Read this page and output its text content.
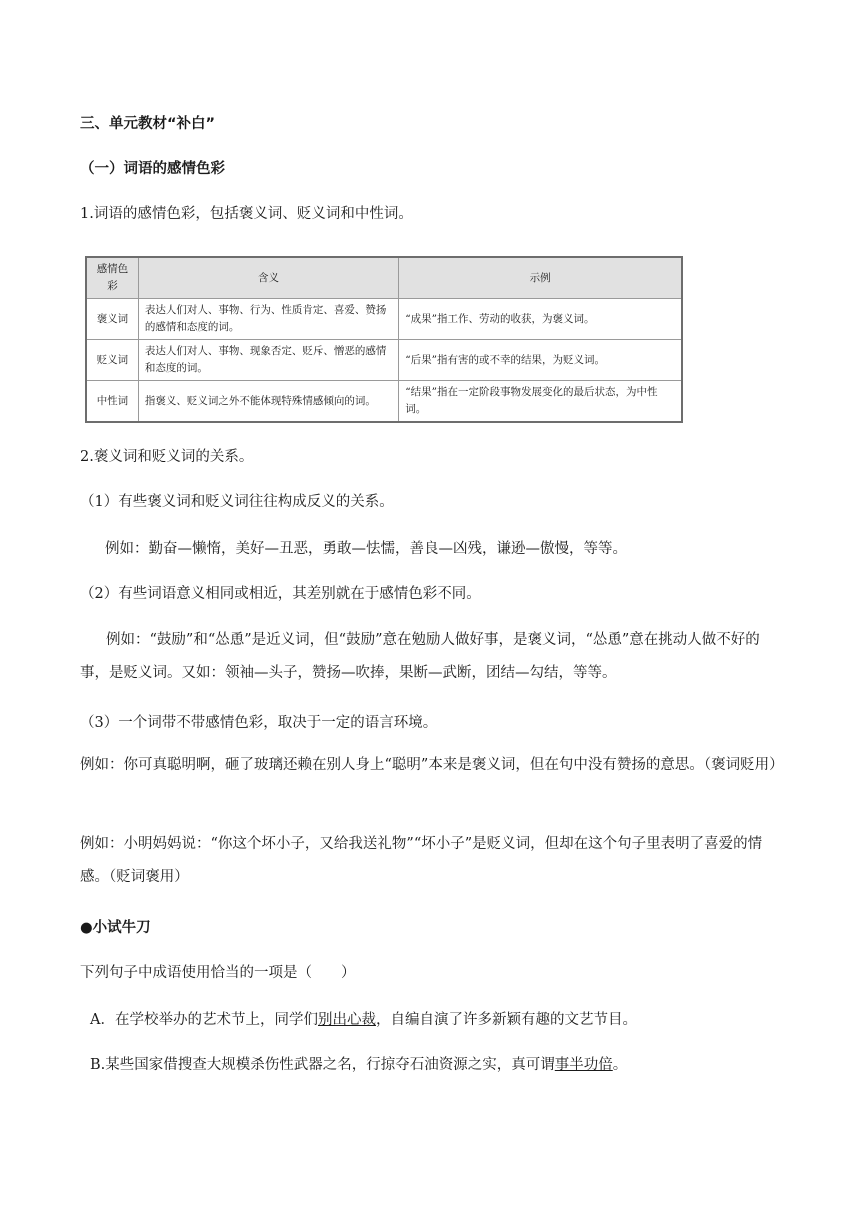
三、单元教材“补白”
（一）词语的感情色彩
1.词语的感情色彩，包括褒义词、贬义词和中性词。
感情色彩	含义	示例
褒义词	表达人们对人、事物、行为、性质肯定、喜爱、赞扬的感情和态度的词。	“成果”指工作、劳动的收获，为褒义词。
贬义词	表达人们对人、事物、现象否定、贬斥、憎恶的感情和态度的词。	“后果”指有害的或不幸的结果，为贬义词。
中性词	指褒义、贬义词之外不能体现特殊情感倾向的词。	“结果”指在一定阶段事物发展变化的最后状态，为中性词。
2.褒义词和贬义词的关系。
（1）有些褒义词和贬义词往往构成反义的关系。
例如：勤奋—懒惰，美好—丑恶，勇敢—怯懦，善良—凶残，谦逊—傲慢，等等。
（2）有些词语意义相同或相近，其差别就在于感情色彩不同。
例如：“鼓励”和“怂恿”是近义词，但“鼓励”意在勉励人做好事，是褒义词，“怂恿”意在挑动人做不好的事，是贬义词。又如：领袖—头子，赞扬—吹捧，果断—武断，团结—勾结，等等。
（3）一个词带不带感情色彩，取决于一定的语言环境。
例如：你可真聪明啊，砸了玻璃还赖在别人身上“聪明”本来是褒义词，但在句中没有赞扬的意思。（褒词贬用）
例如：小明妈妈说：“你这个坏小子，又给我送礼物”“坏小子”是贬义词，但却在这个句子里表明了喜爱的情感。（贬词褒用）
●小试牛刀
下列句子中成语使用恰当的一项是（　　）
A．在学校举办的艺术节上，同学们别出心裁，自编自演了许多新颖有趣的文艺节目。
B.某些国家借搜查大规模杀伤性武器之名，行掠夺石油资源之实，真可谓事半功倍。
